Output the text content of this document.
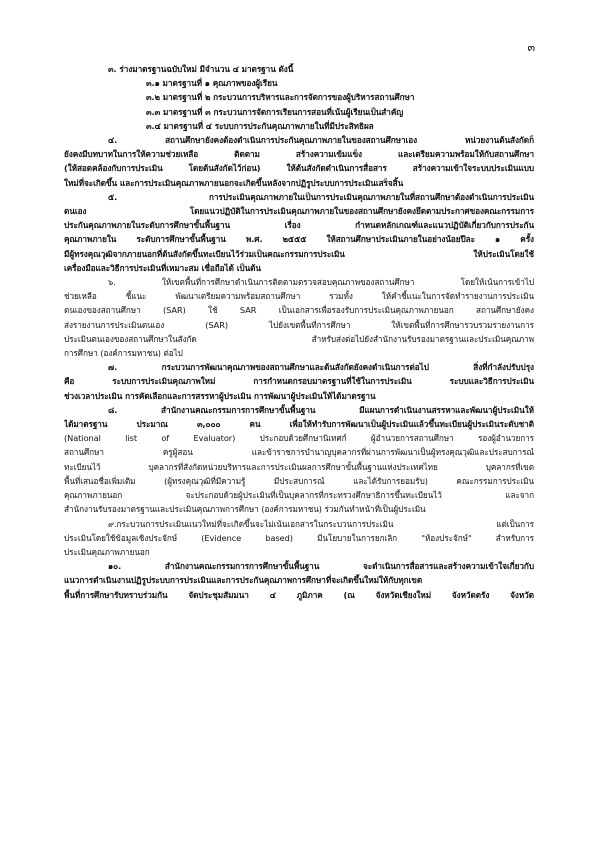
๓
๓. ร่างมาตรฐานฉบับใหม่ มีจำนวน ๔ มาตรฐาน ดังนี้
๓.๑ มาตรฐานที่ ๑ คุณภาพของผู้เรียน
๓.๒ มาตรฐานที่ ๒ กระบวนการบริหารและการจัดการของผู้บริหารสถานศึกษา
๓.๓ มาตรฐานที่ ๓ กระบวนการจัดการเรียนการสอนที่เน้นผู้เรียนเป็นสำคัญ
๓.๔ มาตรฐานที่ ๔ ระบบการประกันคุณภาพภายในที่มีประสิทธิผล
๔. สถานศึกษายังคงต้องดำเนินการประกันคุณภาพภายในของสถานศึกษาเอง หน่วยงานต้นสังกัดก็
ยังคงมีบทบาทในการให้ความช่วยเหลือ ติดตาม สร้างความเข้มแข็ง และเตรียมความพร้อมให้กับสถานศึกษา
(ให้สอดคล้องกับการประเมิน โดยต้นสังกัดไว้ก่อน) ให้ต้นสังกัดดำเนินการสื่อสาร สร้างความเข้าใจระบบประเมินแบบ
ใหม่ที่จะเกิดขึ้น และการประเมินคุณภาพภายนอกจะเกิดขึ้นหลังจากปฏิรูประบบการประเมินเสร็จสิ้น
๕. การประเมินคุณภาพภายในเป็นการประเมินคุณภาพภายในที่สถานศึกษาต้องดำเนินการประเมิน
ตนเอง โดยแนวปฏิบัติในการประเมินคุณภาพภายในของสถานศึกษายังคงยึดตามประกาศของคณะกรรมการ
ประกันคุณภาพภายในระดับการศึกษาขั้นพื้นฐาน เรื่อง กำหนดหลักเกณฑ์และแนวปฏิบัติเกี่ยวกับการประกัน
คุณภาพภายใน ระดับการศึกษาขั้นพื้นฐาน พ.ศ. ๒๕๕๕ ให้สถานศึกษาประเมินภายในอย่างน้อยปีละ ๑ ครั้ง
มีผู้ทรงคุณวุฒิจากภายนอกที่ต้นสังกัดขึ้นทะเบียนไว้ร่วมเป็นคณะกรรมการประเมิน ให้ประเมินโดยใช้
เครื่องมือและวิธีการประเมินที่เหมาะสม เชื่อถือได้ เป็นต้น
๖. ให้เขตพื้นที่การศึกษาดำเนินการติดตามตรวจสอบคุณภาพของสถานศึกษา โดยให้เน้นการเข้าไป
ช่วยเหลือ ชี้แนะ พัฒนาเตรียมความพร้อมสถานศึกษา รวมทั้ง ให้คำชี้แนะในการจัดทำรายงานการประเมิน
ตนเองของสถานศึกษา (SAR) ใช้ SAR เป็นเอกสารเพื่อรองรับการประเมินคุณภาพภายนอก สถานศึกษายังคง
ส่งรายงานการประเมินตนเอง (SAR) ไปยังเขตพื้นที่การศึกษา ให้เขตพื้นที่การศึกษารวบรวมรายงานการ
ประเมินตนเองของสถานศึกษาในสังกัด สำหรับส่งต่อไปยังสำนักงานรับรองมาตรฐานและประเมินคุณภาพ
การศึกษา (องค์การมหาชน) ต่อไป
๗. กระบวนการพัฒนาคุณภาพของสถานศึกษาและต้นสังกัดยังคงดำเนินการต่อไป สิ่งที่กำลังปรับปรุง
คือ ระบบการประเมินคุณภาพใหม่ การกำหนดกรอบมาตรฐานที่ใช้ในการประเมิน ระบบและวิธีการประเมิน
ช่วงเวลาประเมิน การคัดเลือกและการสรรหาผู้ประเมิน การพัฒนาผู้ประเมินให้ได้มาตรฐาน
๘. สำนักงานคณะกรรมการการศึกษาขั้นพื้นฐาน มีแผนการดำเนินงานสรรหาและพัฒนาผู้ประเมินให้
ได้มาตรฐาน ประมาณ ๓,๐๐๐ คน เพื่อให้ทำรับการพัฒนาเป็นผู้ประเมินแล้วขึ้นทะเบียนผู้ประเมินระดับชาติ
(National list of Evaluator) ประกอบด้วยศึกษานิเทศก์ ผู้อำนวยการสถานศึกษา รองผู้อำนวยการ
สถานศึกษา ครูผู้สอน และข้าราชการบำนาญบุคลากรที่ผ่านการพัฒนาเป็นผู้ทรงคุณวุฒิและประสบการณ์
ทะเบียนไว้ บุคลากรที่สังกัดหน่วยบริหารและการประเมินผลการศึกษาขั้นพื้นฐานแห่งประเทศไทย บุคลากรที่เขต
พื้นที่เสนอชื่อเพิ่มเติม (ผู้ทรงคุณวุฒิที่มีความรู้ มีประสบการณ์ และได้รับการยอมรับ) คณะกรรมการประเมิน
คุณภาพภายนอก จะประกอบด้วยผู้ประเมินที่เป็นบุคลากรที่กระทรวงศึกษาธิการขึ้นทะเบียนไว้ และจาก
สำนักงานรับรองมาตรฐานและประเมินคุณภาพการศึกษา (องค์การมหาชน) ร่วมกันทำหน้าที่เป็นผู้ประเมิน
๙.กระบวนการประเมินแนวใหม่ที่จะเกิดขึ้นจะไม่เน้นเอกสารในกระบวนการประเมิน แต่เป็นการ
ประเมินโดยใช้ข้อมูลเชิงประจักษ์ (Evidence based) มีนโยบายในการยกเลิก "ห้องประจักษ์" สำหรับการ
ประเมินคุณภาพภายนอก
๑๐. สำนักงานคณะกรรมการการศึกษาขั้นพื้นฐาน จะดำเนินการสื่อสารและสร้างความเข้าใจเกี่ยวกับ
แนวการดำเนินงานปฏิรูประบบการประเมินและการประกันคุณภาพการศึกษาที่จะเกิดขึ้นใหม่ให้กับทุกเขต
พื้นที่การศึกษารับทราบร่วมกัน จัดประชุมสัมมนา ๔ ภูมิภาค (ณ จังหวัดเชียงใหม่ จังหวัดตรัง จังหวัด
